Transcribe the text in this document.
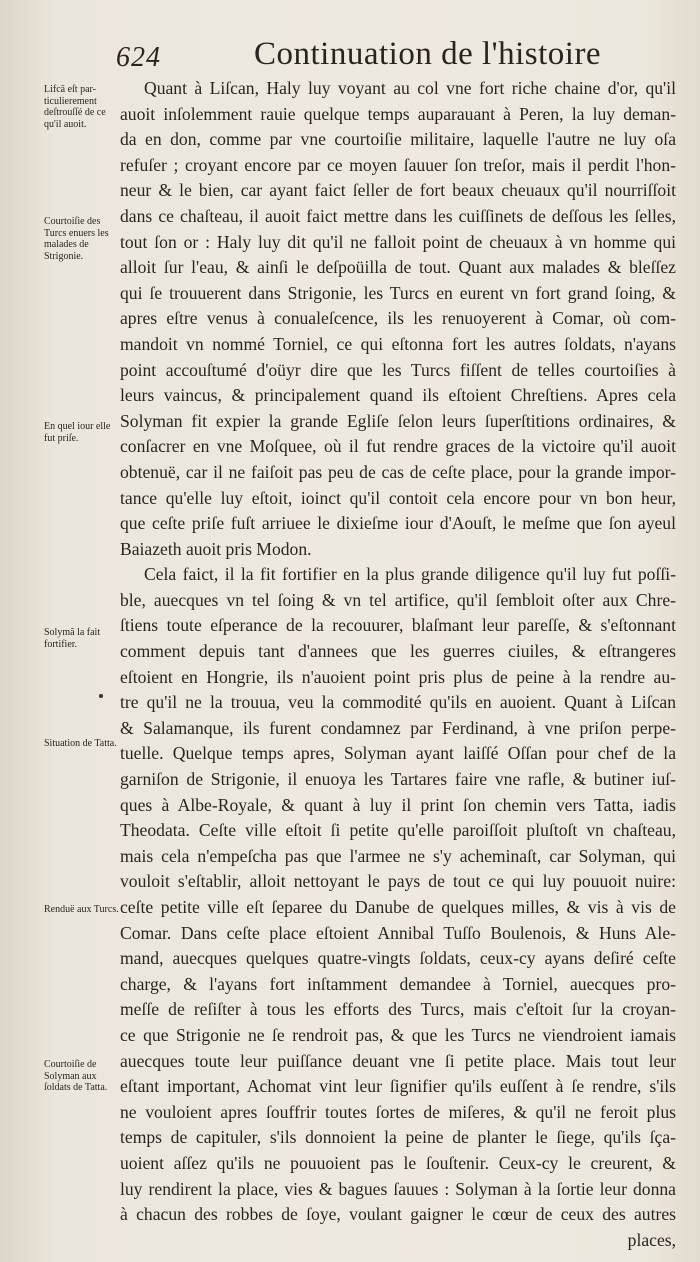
624	Continuation de l'histoire
Lifcã eſt par-ticulierement deſtrouſſé de ce qu'il auoit.
Courtoiſie des Turcs enuers les malades de Strigonie.
En quel iour elle fut priſe.
Solymã la fait fortifier.
Situation de Tatta.
Renduë aux Turcs.
Courtoiſie de Solyman aux ſoldats de Tatta.
Quant à Liſcan, Haly luy voyant au col vne fort riche chaine d'or, qu'il
auoit inſolemment rauie quelque temps auparauant à Peren, la luy deman-
da en don, comme par vne courtoiſie militaire, laquelle l'autre ne luy oſa
refuſer ; croyant encore par ce moyen ſauuer ſon treſor, mais il perdit l'hon-
neur & le bien, car ayant faict ſeller de fort beaux cheuaux qu'il nourriſſoit
dans ce chaſteau, il auoit faict mettre dans les cuiſſinets de deſſous les ſelles,
tout ſon or : Haly luy dit qu'il ne falloit point de cheuaux à vn homme qui
alloit ſur l'eau, & ainſi le deſpoüilla de tout. Quant aux malades & bleſſez
qui ſe trouuerent dans Strigonie, les Turcs en eurent vn fort grand ſoing, &
apres eſtre venus à conualeſcence, ils les renuoyerent à Comar, où com-
mandoit vn nommé Torniel, ce qui eſtonna fort les autres ſoldats, n'ayans
point accouſtumé d'oüyr dire que les Turcs fiſſent de telles courtoiſies à
leurs vaincus, & principalement quand ils eſtoient Chreſtiens. Apres cela
Solyman fit expier la grande Egliſe ſelon leurs ſuperſtitions ordinaires, &
conſacrer en vne Moſquee, où il fut rendre graces de la victoire qu'il auoit
obtenuë, car il ne faiſoit pas peu de cas de ceſte place, pour la grande impor-
tance qu'elle luy eſtoit, ioinct qu'il contoit cela encore pour vn bon heur,
que ceſte priſe fuſt arriuee le dixieſme iour d'Aouſt, le meſme que ſon ayeul
Baiazeth auoit pris Modon.
Cela faict, il la fit fortifier en la plus grande diligence qu'il luy fut poſſi-
ble, auecques vn tel ſoing & vn tel artifice, qu'il ſembloit oſter aux Chre-
ſtiens toute eſperance de la recouurer, blaſmant leur pareſſe, & s'eſtonnant
comment depuis tant d'annees que les guerres ciuiles, & eſtrangeres
eſtoient en Hongrie, ils n'auoient point pris plus de peine à la rendre au-
tre qu'il ne la trouua, veu la commodité qu'ils en auoient. Quant à Liſcan
& Salamanque, ils furent condamnez par Ferdinand, à vne priſon perpe-
tuelle. Quelque temps apres, Solyman ayant laiſſé Oſſan pour chef de la
garniſon de Strigonie, il enuoya les Tartares faire vne rafle, & butiner iuſ-
ques à Albe-Royale, & quant à luy il print ſon chemin vers Tatta, iadis
Theodata. Ceſte ville eſtoit ſi petite qu'elle paroiſſoit pluſtoſt vn chaſteau,
mais cela n'empeſcha pas que l'armee ne s'y acheminaſt, car Solyman, qui
vouloit s'eſtablir, alloit nettoyant le pays de tout ce qui luy pouuoit nuire:
ceſte petite ville eſt ſeparee du Danube de quelques milles, & vis à vis de
Comar. Dans ceſte place eſtoient Annibal Tuſſo Boulenois, & Huns Ale-
mand, auecques quelques quatre-vingts ſoldats, ceux-cy ayans deſiré ceſte
charge, & l'ayans fort inſtamment demandee à Torniel, auecques pro-
meſſe de reſiſter à tous les efforts des Turcs, mais c'eſtoit ſur la croyan-
ce que Strigonie ne ſe rendroit pas, & que les Turcs ne viendroient iamais
auecques toute leur puiſſance deuant vne ſi petite place. Mais tout leur
eſtant important, Achomat vint leur ſignifier qu'ils euſſent à ſe rendre, s'ils
ne vouloient apres ſouffrir toutes ſortes de miſeres, & qu'il ne feroit plus
temps de capituler, s'ils donnoient la peine de planter le ſiege, qu'ils ſça-
uoient aſſez qu'ils ne pouuoient pas le ſouſtenir. Ceux-cy le creurent, &
luy rendirent la place, vies & bagues ſauues : Solyman à la ſortie leur donna
à chacun des robbes de ſoye, voulant gaigner le cœur de ceux des autres
places,
